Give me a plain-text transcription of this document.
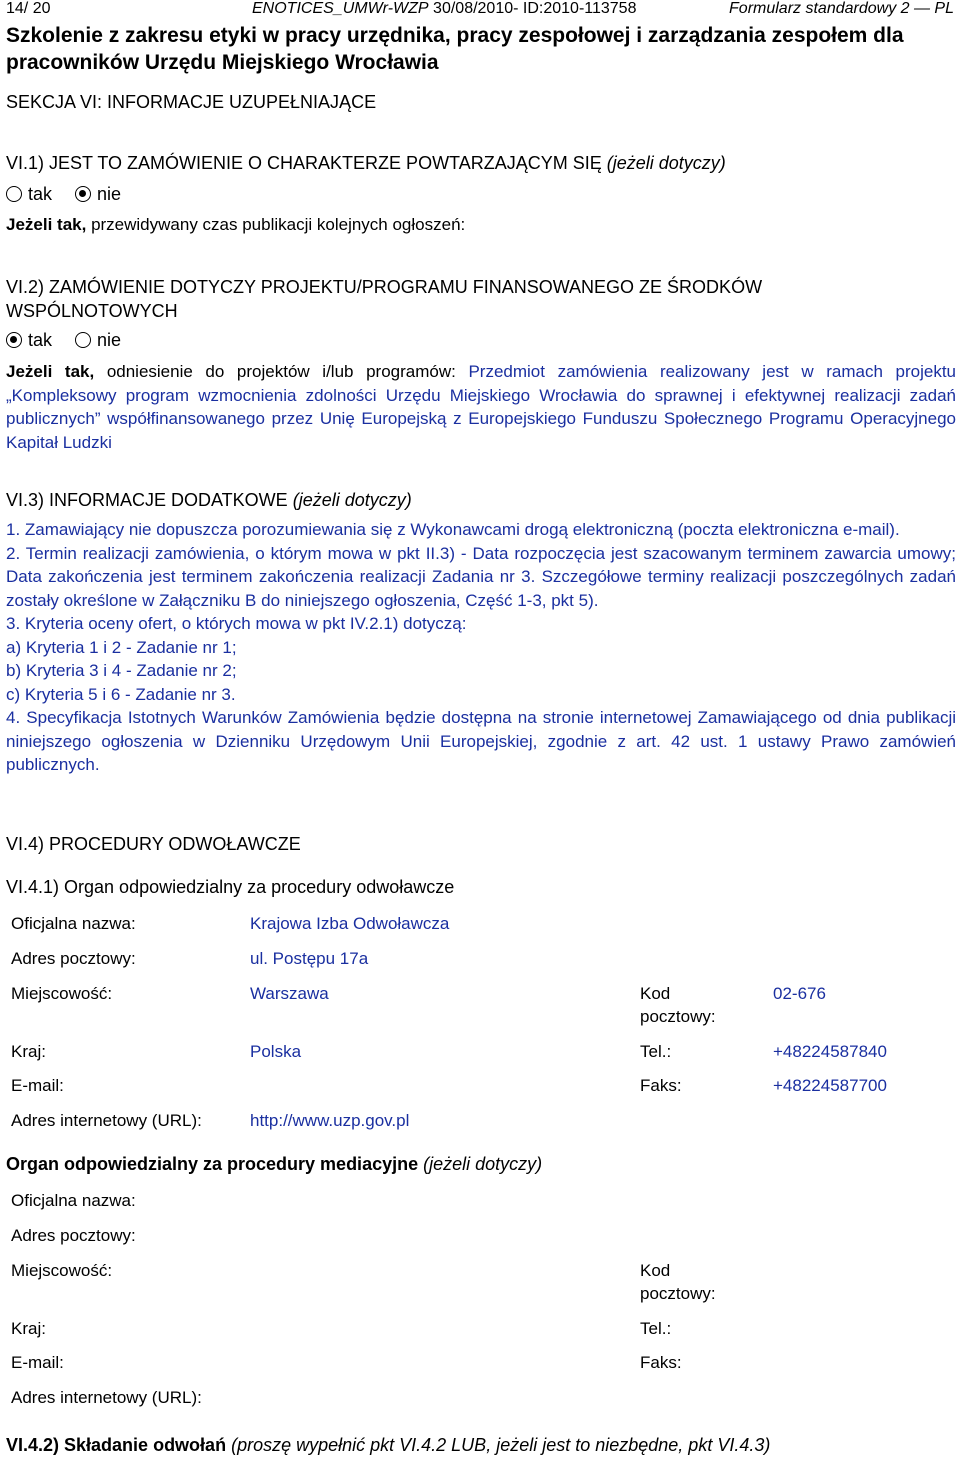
14/ 20	ENOTICES_UMWr-WZP 30/08/2010- ID:2010-113758	Formularz standardowy 2 — PL
Szkolenie z zakresu etyki w pracy urzędnika, pracy zespołowej i zarządzania zespołem dla pracowników Urzędu Miejskiego Wrocławia
SEKCJA VI: INFORMACJE UZUPEŁNIAJĄCE
VI.1) JEST TO ZAMÓWIENIE O CHARAKTERZE POWTARZAJĄCYM SIĘ (jeżeli dotyczy)
tak	nie
Jeżeli tak, przewidywany czas publikacji kolejnych ogłoszeń:
VI.2) ZAMÓWIENIE DOTYCZY PROJEKTU/PROGRAMU FINANSOWANEGO ZE ŚRODKÓW
WSPÓLNOTOWYCH
tak	nie
Jeżeli tak, odniesienie do projektów i/lub programów: Przedmiot zamówienia realizowany jest w ramach projektu „Kompleksowy program wzmocnienia zdolności Urzędu Miejskiego Wrocławia do sprawnej i efektywnej realizacji zadań publicznych” współfinansowanego przez Unię Europejską z Europejskiego Funduszu Społecznego Programu Operacyjnego Kapitał Ludzki
VI.3) INFORMACJE DODATKOWE (jeżeli dotyczy)
1. Zamawiający nie dopuszcza porozumiewania się z Wykonawcami drogą elektroniczną (poczta elektroniczna e-mail).
2. Termin realizacji zamówienia, o którym mowa w pkt II.3) - Data rozpoczęcia jest szacowanym terminem zawarcia umowy; Data zakończenia jest terminem zakończenia realizacji Zadania nr 3. Szczegółowe terminy realizacji poszczególnych zadań zostały określone w Załączniku B do niniejszego ogłoszenia, Część 1-3, pkt 5).
3. Kryteria oceny ofert, o których mowa w pkt IV.2.1) dotyczą:
a) Kryteria 1 i 2 - Zadanie nr 1;
b) Kryteria 3 i 4 - Zadanie nr 2;
c) Kryteria 5 i 6 - Zadanie nr 3.
4. Specyfikacja Istotnych Warunków Zamówienia będzie dostępna na stronie internetowej Zamawiającego od dnia publikacji niniejszego ogłoszenia w Dzienniku Urzędowym Unii Europejskiej, zgodnie z art. 42 ust. 1 ustawy Prawo zamówień publicznych.
VI.4) PROCEDURY ODWOŁAWCZE
VI.4.1) Organ odpowiedzialny za procedury odwoławcze
Oficjalna nazwa:	Krajowa Izba Odwoławcza
Adres pocztowy:	ul. Postępu 17a
Miejscowość:	Warszawa	Kod
pocztowy:
02-676
Kraj:	Polska	Tel.:	+48224587840
E-mail:	Faks:	+48224587700
Adres internetowy (URL):	http://www.uzp.gov.pl
Organ odpowiedzialny za procedury mediacyjne (jeżeli dotyczy)
Oficjalna nazwa:
Adres pocztowy:
Miejscowość:	Kod
pocztowy:
Kraj:	Tel.:
E-mail:	Faks:
Adres internetowy (URL):
VI.4.2) Składanie odwołań (proszę wypełnić pkt VI.4.2 LUB, jeżeli jest to niezbędne, pkt VI.4.3)
